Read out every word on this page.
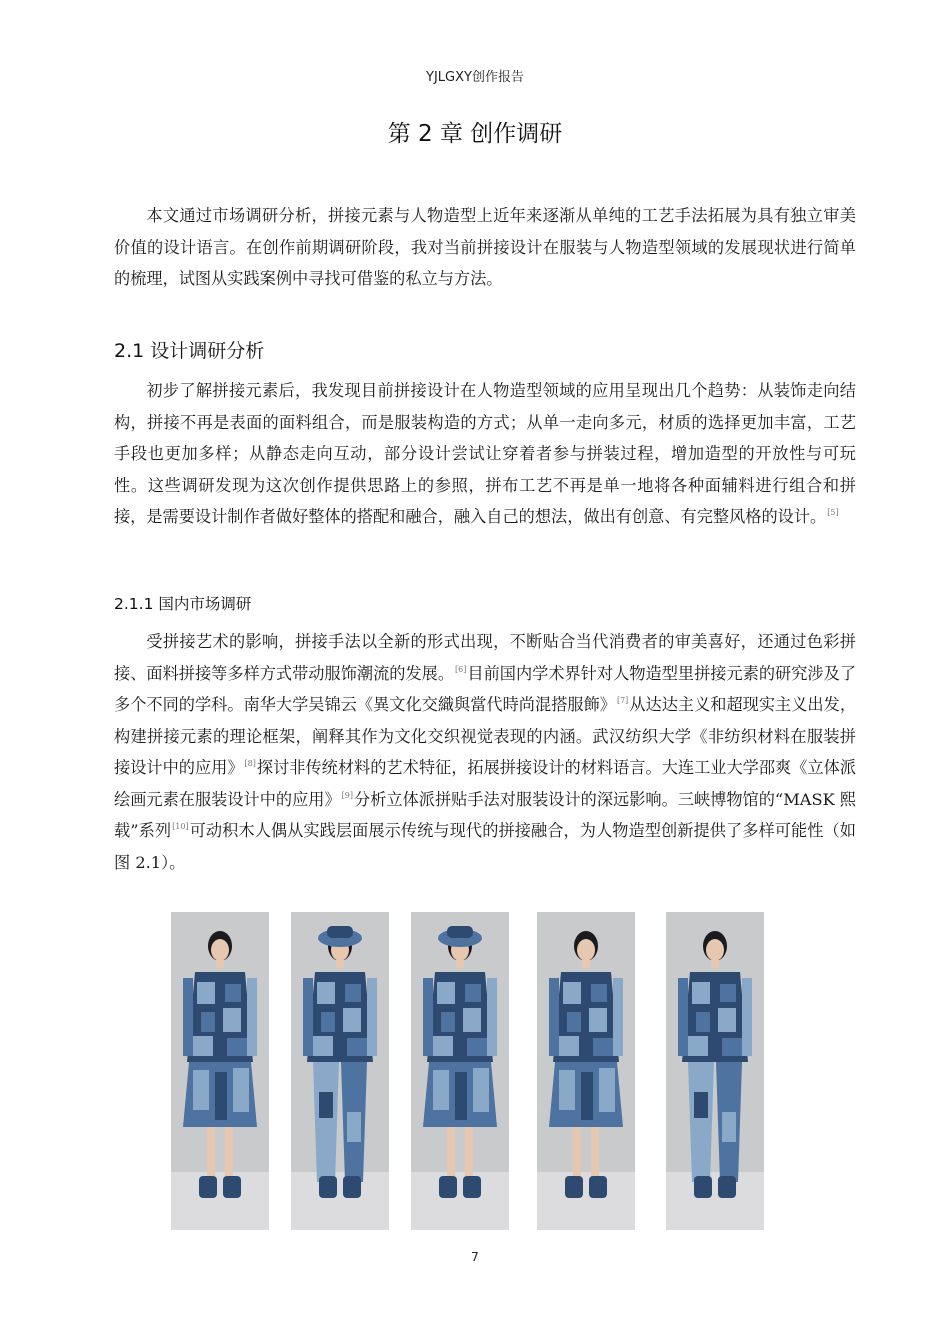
YJLGXY创作报告
第 2 章 创作调研

本文通过市场调研分析，拼接元素与人物造型上近年来逐渐从单纯的工艺手法拓展为具有独立审美价值的设计语言。在创作前期调研阶段，我对当前拼接设计在服装与人物造型领域的发展现状进行简单的梳理，试图从实践案例中寻找可借鉴的私立与方法。

2.1 设计调研分析

初步了解拼接元素后，我发现目前拼接设计在人物造型领域的应用呈现出几个趋势：从装饰走向结构，拼接不再是表面的面料组合，而是服装构造的方式；从单一走向多元，材质的选择更加丰富，工艺手段也更加多样；从静态走向互动，部分设计尝试让穿着者参与拼装过程，增加造型的开放性与可玩性。这些调研发现为这次创作提供思路上的参照，拼布工艺不再是单一地将各种面辅料进行组合和拼接，是需要设计制作者做好整体的搭配和融合，融入自己的想法，做出有创意、有完整风格的设计。[5]

2.1.1 国内市场调研

受拼接艺术的影响，拼接手法以全新的形式出现，不断贴合当代消费者的审美喜好，还通过色彩拼接、面料拼接等多样方式带动服饰潮流的发展。[6]目前国内学术界针对人物造型里拼接元素的研究涉及了多个不同的学科。南华大学吴锦云《異文化交織與當代時尚混搭服飾》[7]从达达主义和超现实主义出发，构建拼接元素的理论框架，阐释其作为文化交织视觉表现的内涵。武汉纺织大学《非纺织材料在服装拼接设计中的应用》[8]探讨非传统材料的艺术特征，拓展拼接设计的材料语言。大连工业大学邵爽《立体派绘画元素在服装设计中的应用》[9]分析立体派拼贴手法对服装设计的深远影响。三峡博物馆的“MASK 熙载”系列[10]可动积木人偶从实践层面展示传统与现代的拼接融合，为人物造型创新提供了多样可能性（如图 2.1）。

7
